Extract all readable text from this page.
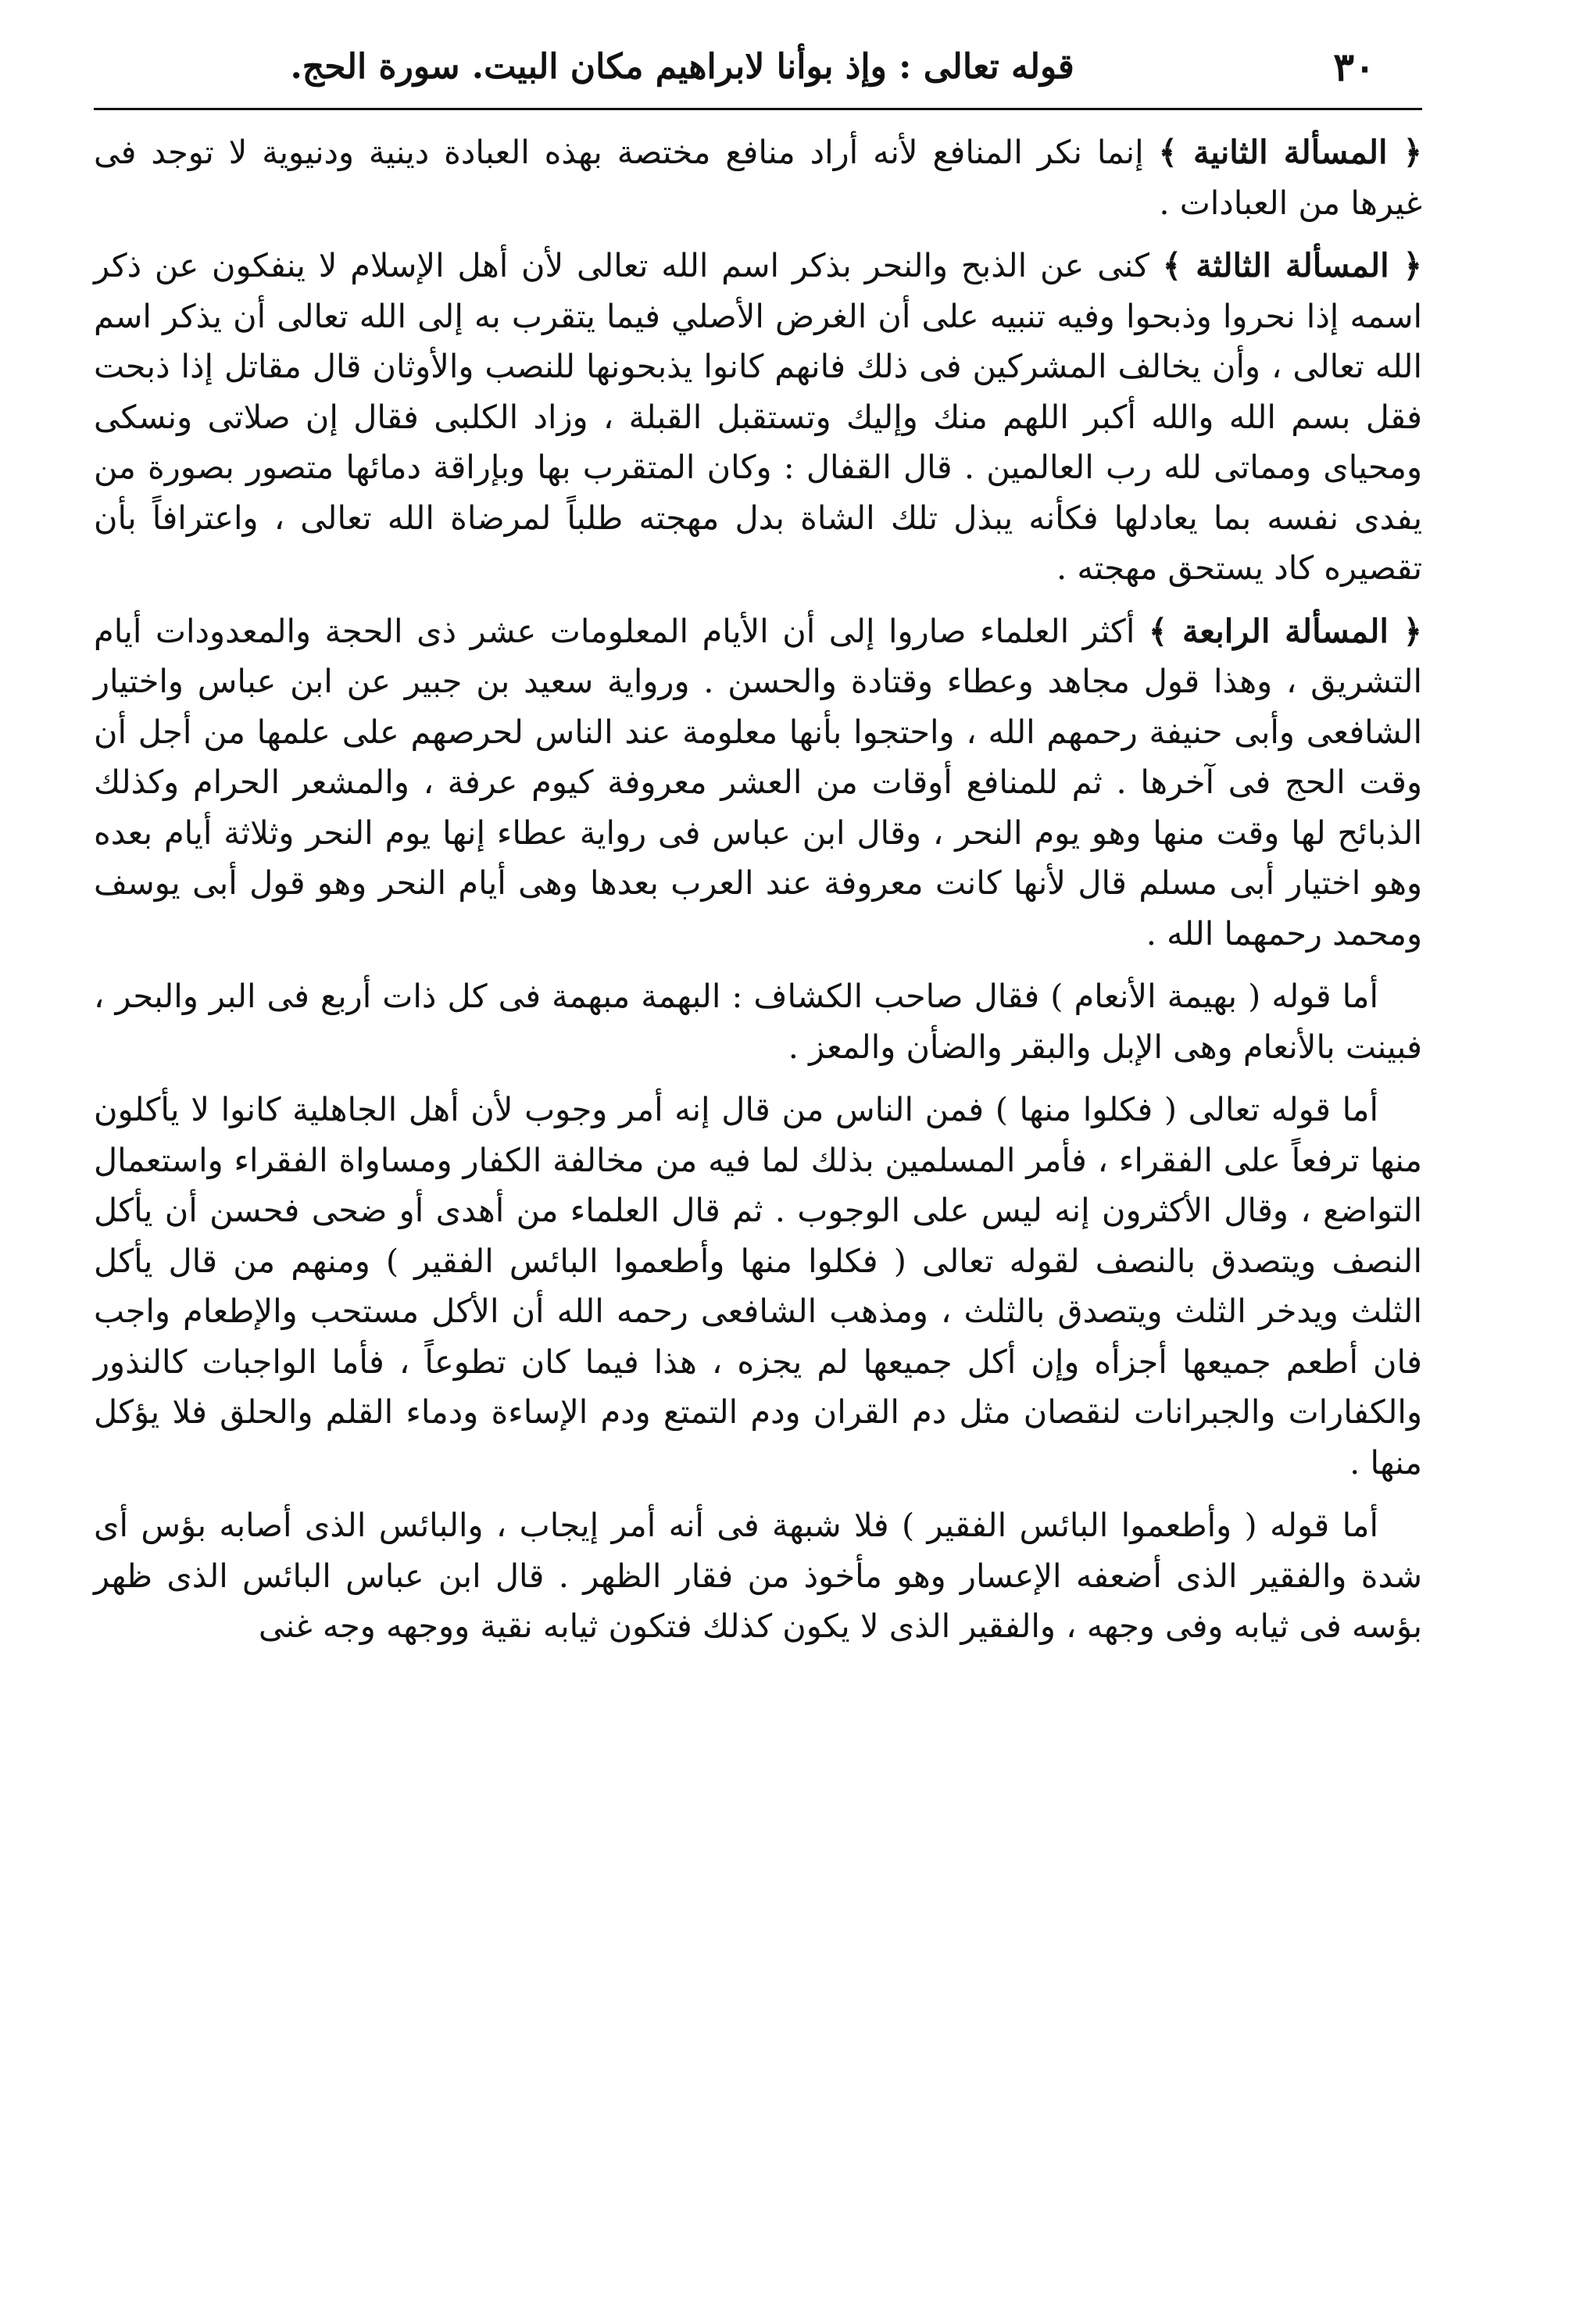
٣٠
قوله تعالى : وإذ بوأنا لابراهيم مكان البيت. سورة الحج.

﴿ المسألة الثانية ﴾ إنما نكر المنافع لأنه أراد منافع مختصة بهذه العبادة دينية ودنيوية لا توجد فى غيرها من العبادات .

﴿ المسألة الثالثة ﴾ كنى عن الذبح والنحر بذكر اسم الله تعالى لأن أهل الإسلام لا ينفكون عن ذكر اسمه إذا نحروا وذبحوا وفيه تنبيه على أن الغرض الأصلي فيما يتقرب به إلى الله تعالى أن يذكر اسم الله تعالى ، وأن يخالف المشركين فى ذلك فانهم كانوا يذبحونها للنصب والأوثان قال مقاتل إذا ذبحت فقل بسم الله والله أكبر اللهم منك وإليك وتستقبل القبلة ، وزاد الكلبى فقال إن صلاتى ونسكى ومحياى ومماتى لله رب العالمين . قال القفال : وكان المتقرب بها وبإراقة دمائها متصور بصورة من يفدى نفسه بما يعادلها فكأنه يبذل تلك الشاة بدل مهجته طلباً لمرضاة الله تعالى ، واعترافاً بأن تقصيره كاد يستحق مهجته .

﴿ المسألة الرابعة ﴾ أكثر العلماء صاروا إلى أن الأيام المعلومات عشر ذى الحجة والمعدودات أيام التشريق ، وهذا قول مجاهد وعطاء وقتادة والحسن . ورواية سعيد بن جبير عن ابن عباس واختيار الشافعى وأبى حنيفة رحمهم الله ، واحتجوا بأنها معلومة عند الناس لحرصهم على علمها من أجل أن وقت الحج فى آخرها . ثم للمنافع أوقات من العشر معروفة كيوم عرفة ، والمشعر الحرام وكذلك الذبائح لها وقت منها وهو يوم النحر ، وقال ابن عباس فى رواية عطاء إنها يوم النحر وثلاثة أيام بعده وهو اختيار أبى مسلم قال لأنها كانت معروفة عند العرب بعدها وهى أيام النحر وهو قول أبى يوسف ومحمد رحمهما الله .

أما قوله ( بهيمة الأنعام ) فقال صاحب الكشاف : البهمة مبهمة فى كل ذات أربع فى البر والبحر ، فبينت بالأنعام وهى الإبل والبقر والضأن والمعز .

أما قوله تعالى ( فكلوا منها ) فمن الناس من قال إنه أمر وجوب لأن أهل الجاهلية كانوا لا يأكلون منها ترفعاً على الفقراء ، فأمر المسلمين بذلك لما فيه من مخالفة الكفار ومساواة الفقراء واستعمال التواضع ، وقال الأكثرون إنه ليس على الوجوب . ثم قال العلماء من أهدى أو ضحى فحسن أن يأكل النصف ويتصدق بالنصف لقوله تعالى ( فكلوا منها وأطعموا البائس الفقير ) ومنهم من قال يأكل الثلث ويدخر الثلث ويتصدق بالثلث ، ومذهب الشافعى رحمه الله أن الأكل مستحب والإطعام واجب فان أطعم جميعها أجزأه وإن أكل جميعها لم يجزه ، هذا فيما كان تطوعاً ، فأما الواجبات كالنذور والكفارات والجبرانات لنقصان مثل دم القران ودم التمتع ودم الإساءة ودماء القلم والحلق فلا يؤكل منها .

أما قوله ( وأطعموا البائس الفقير ) فلا شبهة فى أنه أمر إيجاب ، والبائس الذى أصابه بؤس أى شدة والفقير الذى أضعفه الإعسار وهو مأخوذ من فقار الظهر . قال ابن عباس البائس الذى ظهر بؤسه فى ثيابه وفى وجهه ، والفقير الذى لا يكون كذلك فتكون ثيابه نقية ووجهه وجه غنى
